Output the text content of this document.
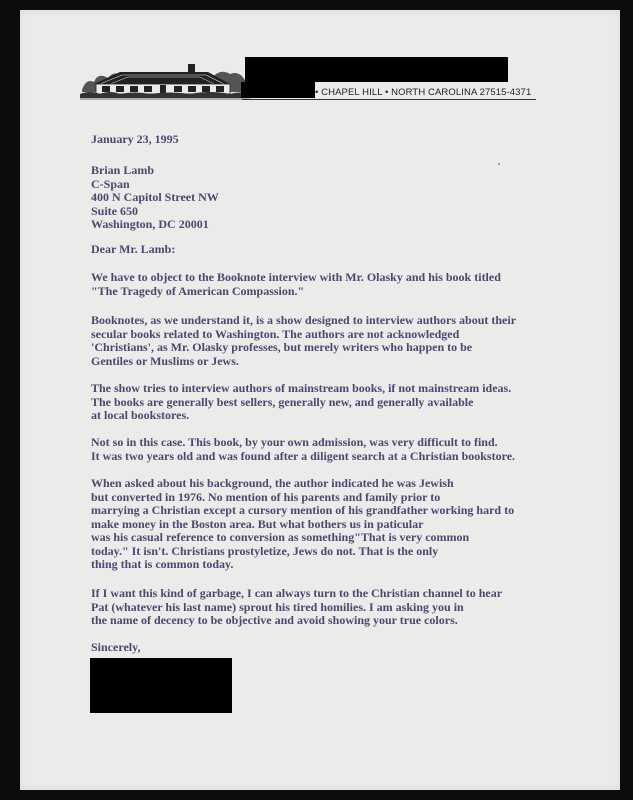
• CHAPEL HILL • NORTH CAROLINA 27515-4371
January 23, 1995
Brian Lamb
C-Span
400 N Capitol Street NW
Suite 650
Washington, DC 20001
Dear Mr. Lamb:
We have to object to the Booknote interview with Mr. Olasky and his book titled
"The Tragedy of American Compassion."
Booknotes, as we understand it, is a show designed to interview authors about their
secular books related to Washington. The authors are not acknowledged
'Christians', as Mr. Olasky professes, but merely writers who happen to be
Gentiles or Muslims or Jews.
The show tries to interview authors of mainstream books, if not mainstream ideas.
The books are generally best sellers, generally new, and generally available
at local bookstores.
Not so in this case. This book, by your own admission, was very difficult to find.
It was two years old and was found after a diligent search at a Christian bookstore.
When asked about his background, the author indicated he was Jewish
but converted in 1976. No mention of his parents and family prior to
marrying a Christian except a cursory mention of his grandfather working hard to
make money in the Boston area. But what bothers us in paticular
was his casual reference to conversion as something"That is very common
today." It isn't. Christians prostyletize, Jews do not. That is the only
thing that is common today.
If I want this kind of garbage, I can always turn to the Christian channel to hear
Pat (whatever his last name) sprout his tired homilies. I am asking you in
the name of decency to be objective and avoid showing your true colors.
Sincerely,
